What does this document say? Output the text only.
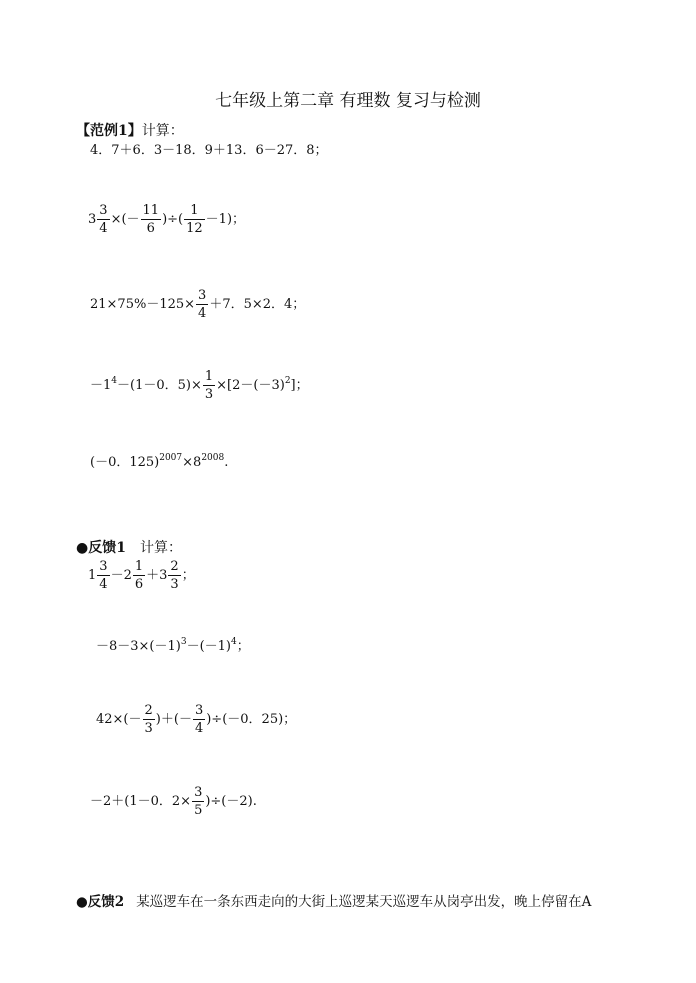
七年级上第二章 有理数 复习与检测
【范例1】计算：
4．7＋6．3－18．9＋13．6－27．8；
$3 \frac{3}{4}$ ×(－ $\frac{11}{6}$ )÷( $\frac{1}{12} -1$)；
$21\times 75\%-125\times \frac{3}{4} +7$．5×2．4；
$-1^4-(1-0$．$5)\times \frac{1}{3} \times[2-(-3)^2]$；
(－0．$125)^{2007}\times 8^{2008}$.
●反馈1 计算：
$1 \frac{3}{4} -2 \frac{1}{6} +3 \frac{2}{3}$ ；
$-8-3\times(-1)^3-(-1)^4$；
$42\times(- \frac{2}{3}$ )＋(－ $\frac{3}{4} )\div(-0$．25)；
－2＋(1－0．$2\times \frac{3}{5} )\div(-2)$.
●反馈2 某巡逻车在一条东西走向的大街上巡逻某天巡逻车从岗亭出发，晚上停留在A
